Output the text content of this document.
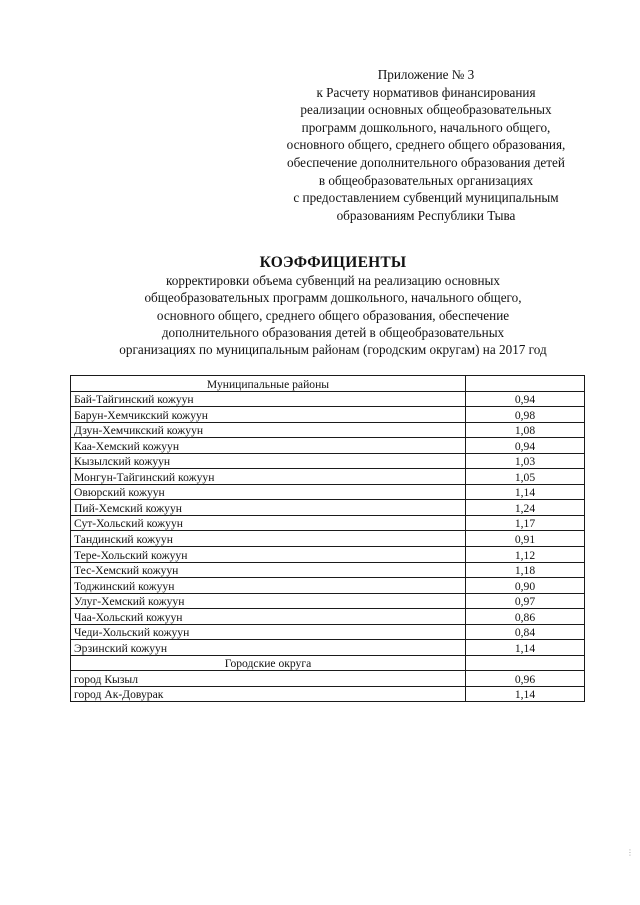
Приложение № 3
к Расчету нормативов финансирования
реализации основных общеобразовательных
программ дошкольного, начального общего,
основного общего, среднего общего образования,
обеспечение дополнительного образования детей
в общеобразовательных организациях
с предоставлением субвенций муниципальным
образованиям Республики Тыва
КОЭФФИЦИЕНТЫ
корректировки объема субвенций на реализацию основных
общеобразовательных программ дошкольного, начального общего,
основного общего, среднего общего образования, обеспечение
дополнительного образования детей в общеобразовательных
организациях по муниципальным районам (городским округам) на 2017 год
Муниципальные районы	
Бай-Тайгинский кожуун	0,94
Барун-Хемчикский кожуун	0,98
Дзун-Хемчикский кожуун	1,08
Каа-Хемский кожуун	0,94
Кызылский кожуун	1,03
Монгун-Тайгинский кожуун	1,05
Овюрский кожуун	1,14
Пий-Хемский кожуун	1,24
Сут-Хольский кожуун	1,17
Тандинский кожуун	0,91
Тере-Хольский кожуун	1,12
Тес-Хемский кожуун	1,18
Тоджинский кожуун	0,90
Улуг-Хемский кожуун	0,97
Чаа-Хольский кожуун	0,86
Чеди-Хольский кожуун	0,84
Эрзинский кожуун	1,14
Городские округа	
город Кызыл	0,96
город Ак-Довурак	1,14
⋮
